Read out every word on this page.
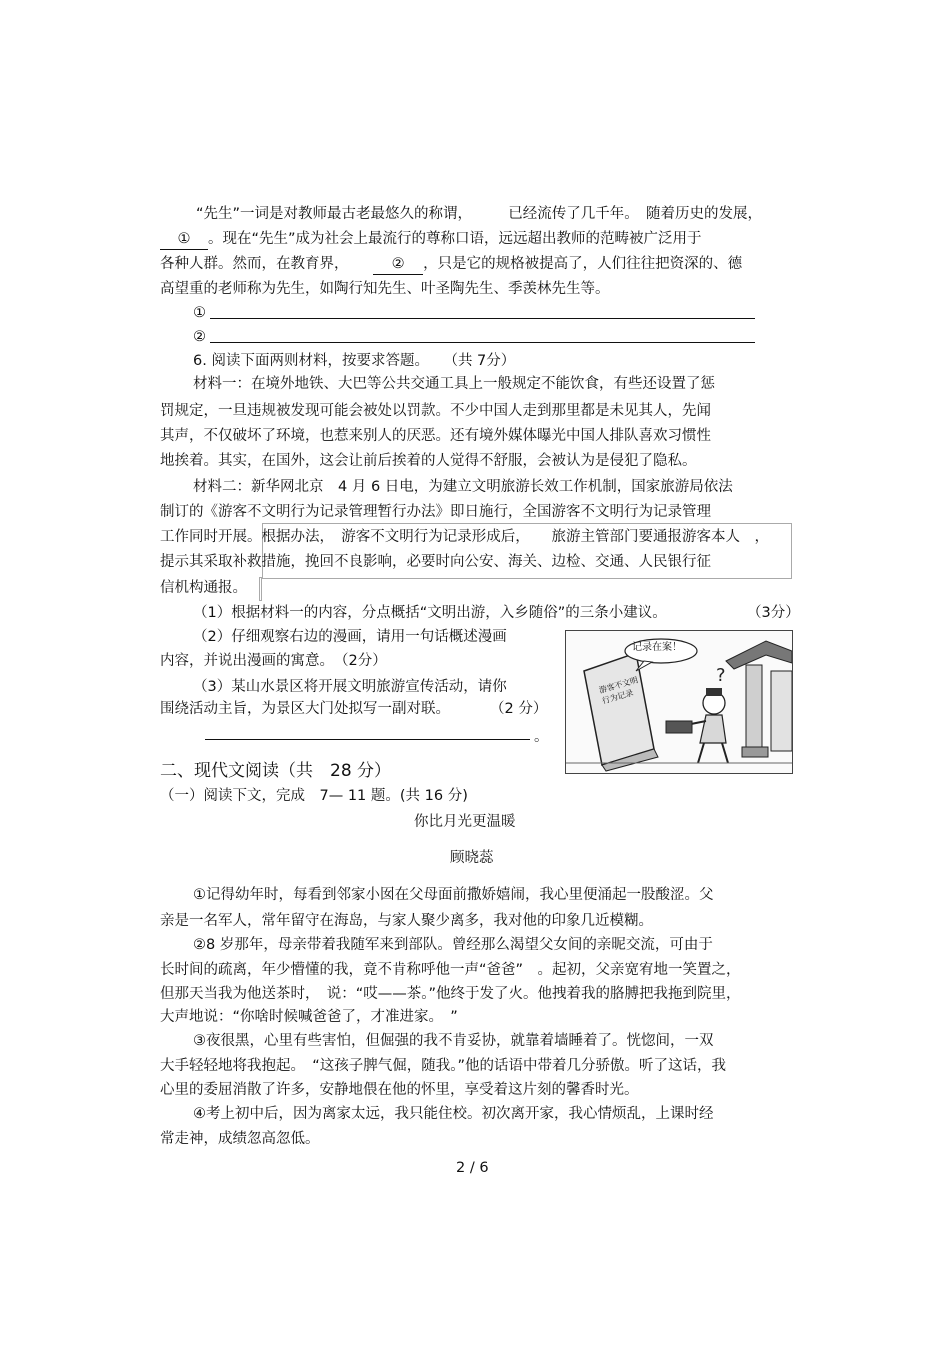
“先生”一词是对教师最古老最悠久的称谓，　　　已经流传了几千年。　随着历史的发展，
① 。现在“先生”成为社会上最流行的尊称口语，远远超出教师的范畴被广泛用于
各种人群。然而，在教育界，	② ，只是它的规格被提高了，人们往往把资深的、德
高望重的老师称为先生，如陶行知先生、叶圣陶先生、季羡林先生等。
①
②
6. 阅读下面两则材料，按要求答题。　　（共 7分）
材料一：在境外地铁、大巴等公共交通工具上一般规定不能饮食，有些还设置了惩
罚规定，一旦违规被发现可能会被处以罚款。不少中国人走到那里都是未见其人，先闻
其声，不仅破坏了环境，也惹来别人的厌恶。还有境外媒体曝光中国人排队喜欢习惯性
地挨着。其实，在国外，这会让前后挨着的人觉得不舒服，会被认为是侵犯了隐私。
材料二：新华网北京　4 月 6 日电，为建立文明旅游长效工作机制，国家旅游局依法
制订的《游客不文明行为记录管理暂行办法》即日施行，全国游客不文明行为记录管理
工作同时开展。根据办法，　游客不文明行为记录形成后，　　旅游主管部门要通报游客本人　，
提示其采取补救措施，挽回不良影响，必要时向公安、海关、边检、交通、人民银行征
信机构通报。
（1）根据材料一的内容，分点概括“文明出游，入乡随俗”的三条小建议。	（3分）
（2）仔细观察右边的漫画，请用一句话概述漫画
内容，并说出漫画的寓意。　（2分）
（3）某山水景区将开展文明旅游宣传活动，请你
围绕活动主旨，为景区大门处拟写一副对联。	（2 分）
。
?
记录在案！
游客不文明行为记录
二、现代文阅读（共　28 分）
（一）阅读下文，完成　7— 11 题。(共 16 分)
你比月光更温暖
顾晓蕊
①记得幼年时，每看到邻家小囡在父母面前撒娇嬉闹，我心里便涌起一股酸涩。父
亲是一名军人，常年留守在海岛，与家人聚少离多，我对他的印象几近模糊。
②8 岁那年，母亲带着我随军来到部队。曾经那么渴望父女间的亲昵交流，可由于
长时间的疏离，年少懵懂的我，竟不肯称呼他一声“爸爸”　。起初，父亲宽宥地一笑置之，
但那天当我为他送茶时，　说：“哎——茶。”他终于发了火。他拽着我的胳膊把我拖到院里，
大声地说：“你啥时候喊爸爸了，才准进家。　”
③夜很黑，心里有些害怕，但倔强的我不肯妥协，就靠着墙睡着了。恍惚间，一双
大手轻轻地将我抱起。　“这孩子脾气倔，随我。”他的话语中带着几分骄傲。听了这话，我
心里的委屈消散了许多，安静地偎在他的怀里，享受着这片刻的馨香时光。
④考上初中后，因为离家太远，我只能住校。初次离开家，我心情烦乱，上课时经
常走神，成绩忽高忽低。
2 / 6
